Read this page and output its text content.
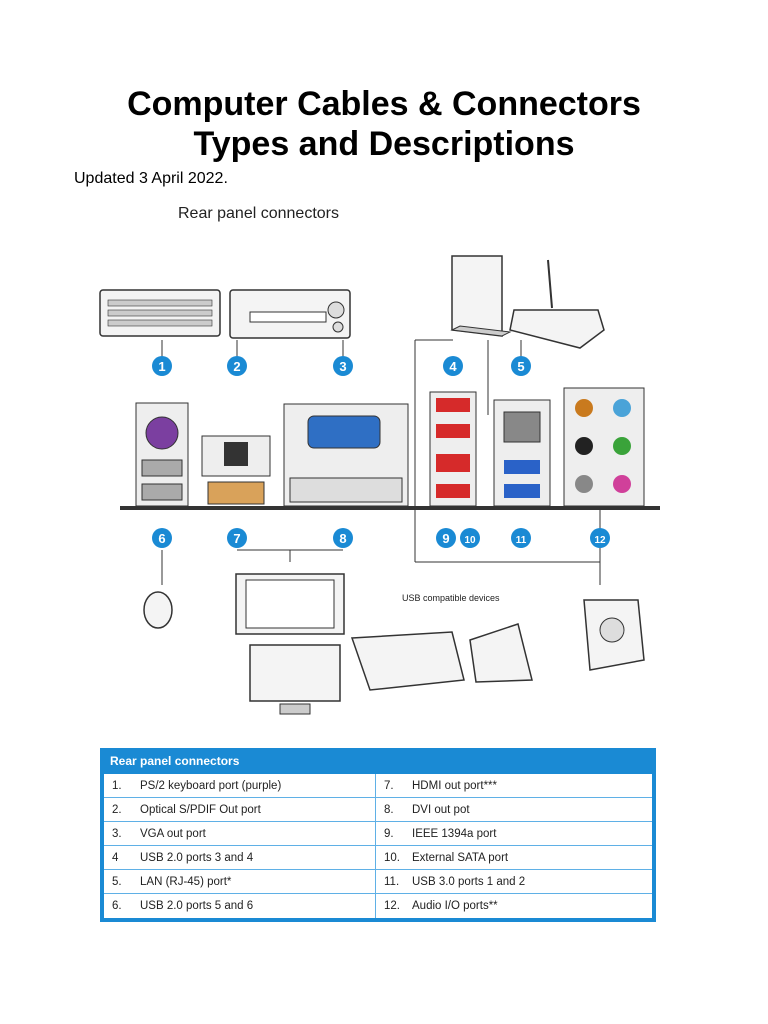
Computer Cables & Connectors
Types and Descriptions
Updated 3 April 2022.
Rear panel connectors
1	2	3	4	5
6	7	8	9 10	11	12
USB compatible devices
Rear panel connectors
1.	PS/2 keyboard port (purple)	7.	HDMI out port***
2.	Optical S/PDIF Out port	8.	DVI out pot
3.	VGA out port	9.	IEEE 1394a port
4	USB 2.0 ports 3 and 4	10.	External SATA port
5.	LAN (RJ-45) port*	11.	USB 3.0 ports 1 and 2
6.	USB 2.0 ports 5 and 6	12.	Audio I/O ports**
